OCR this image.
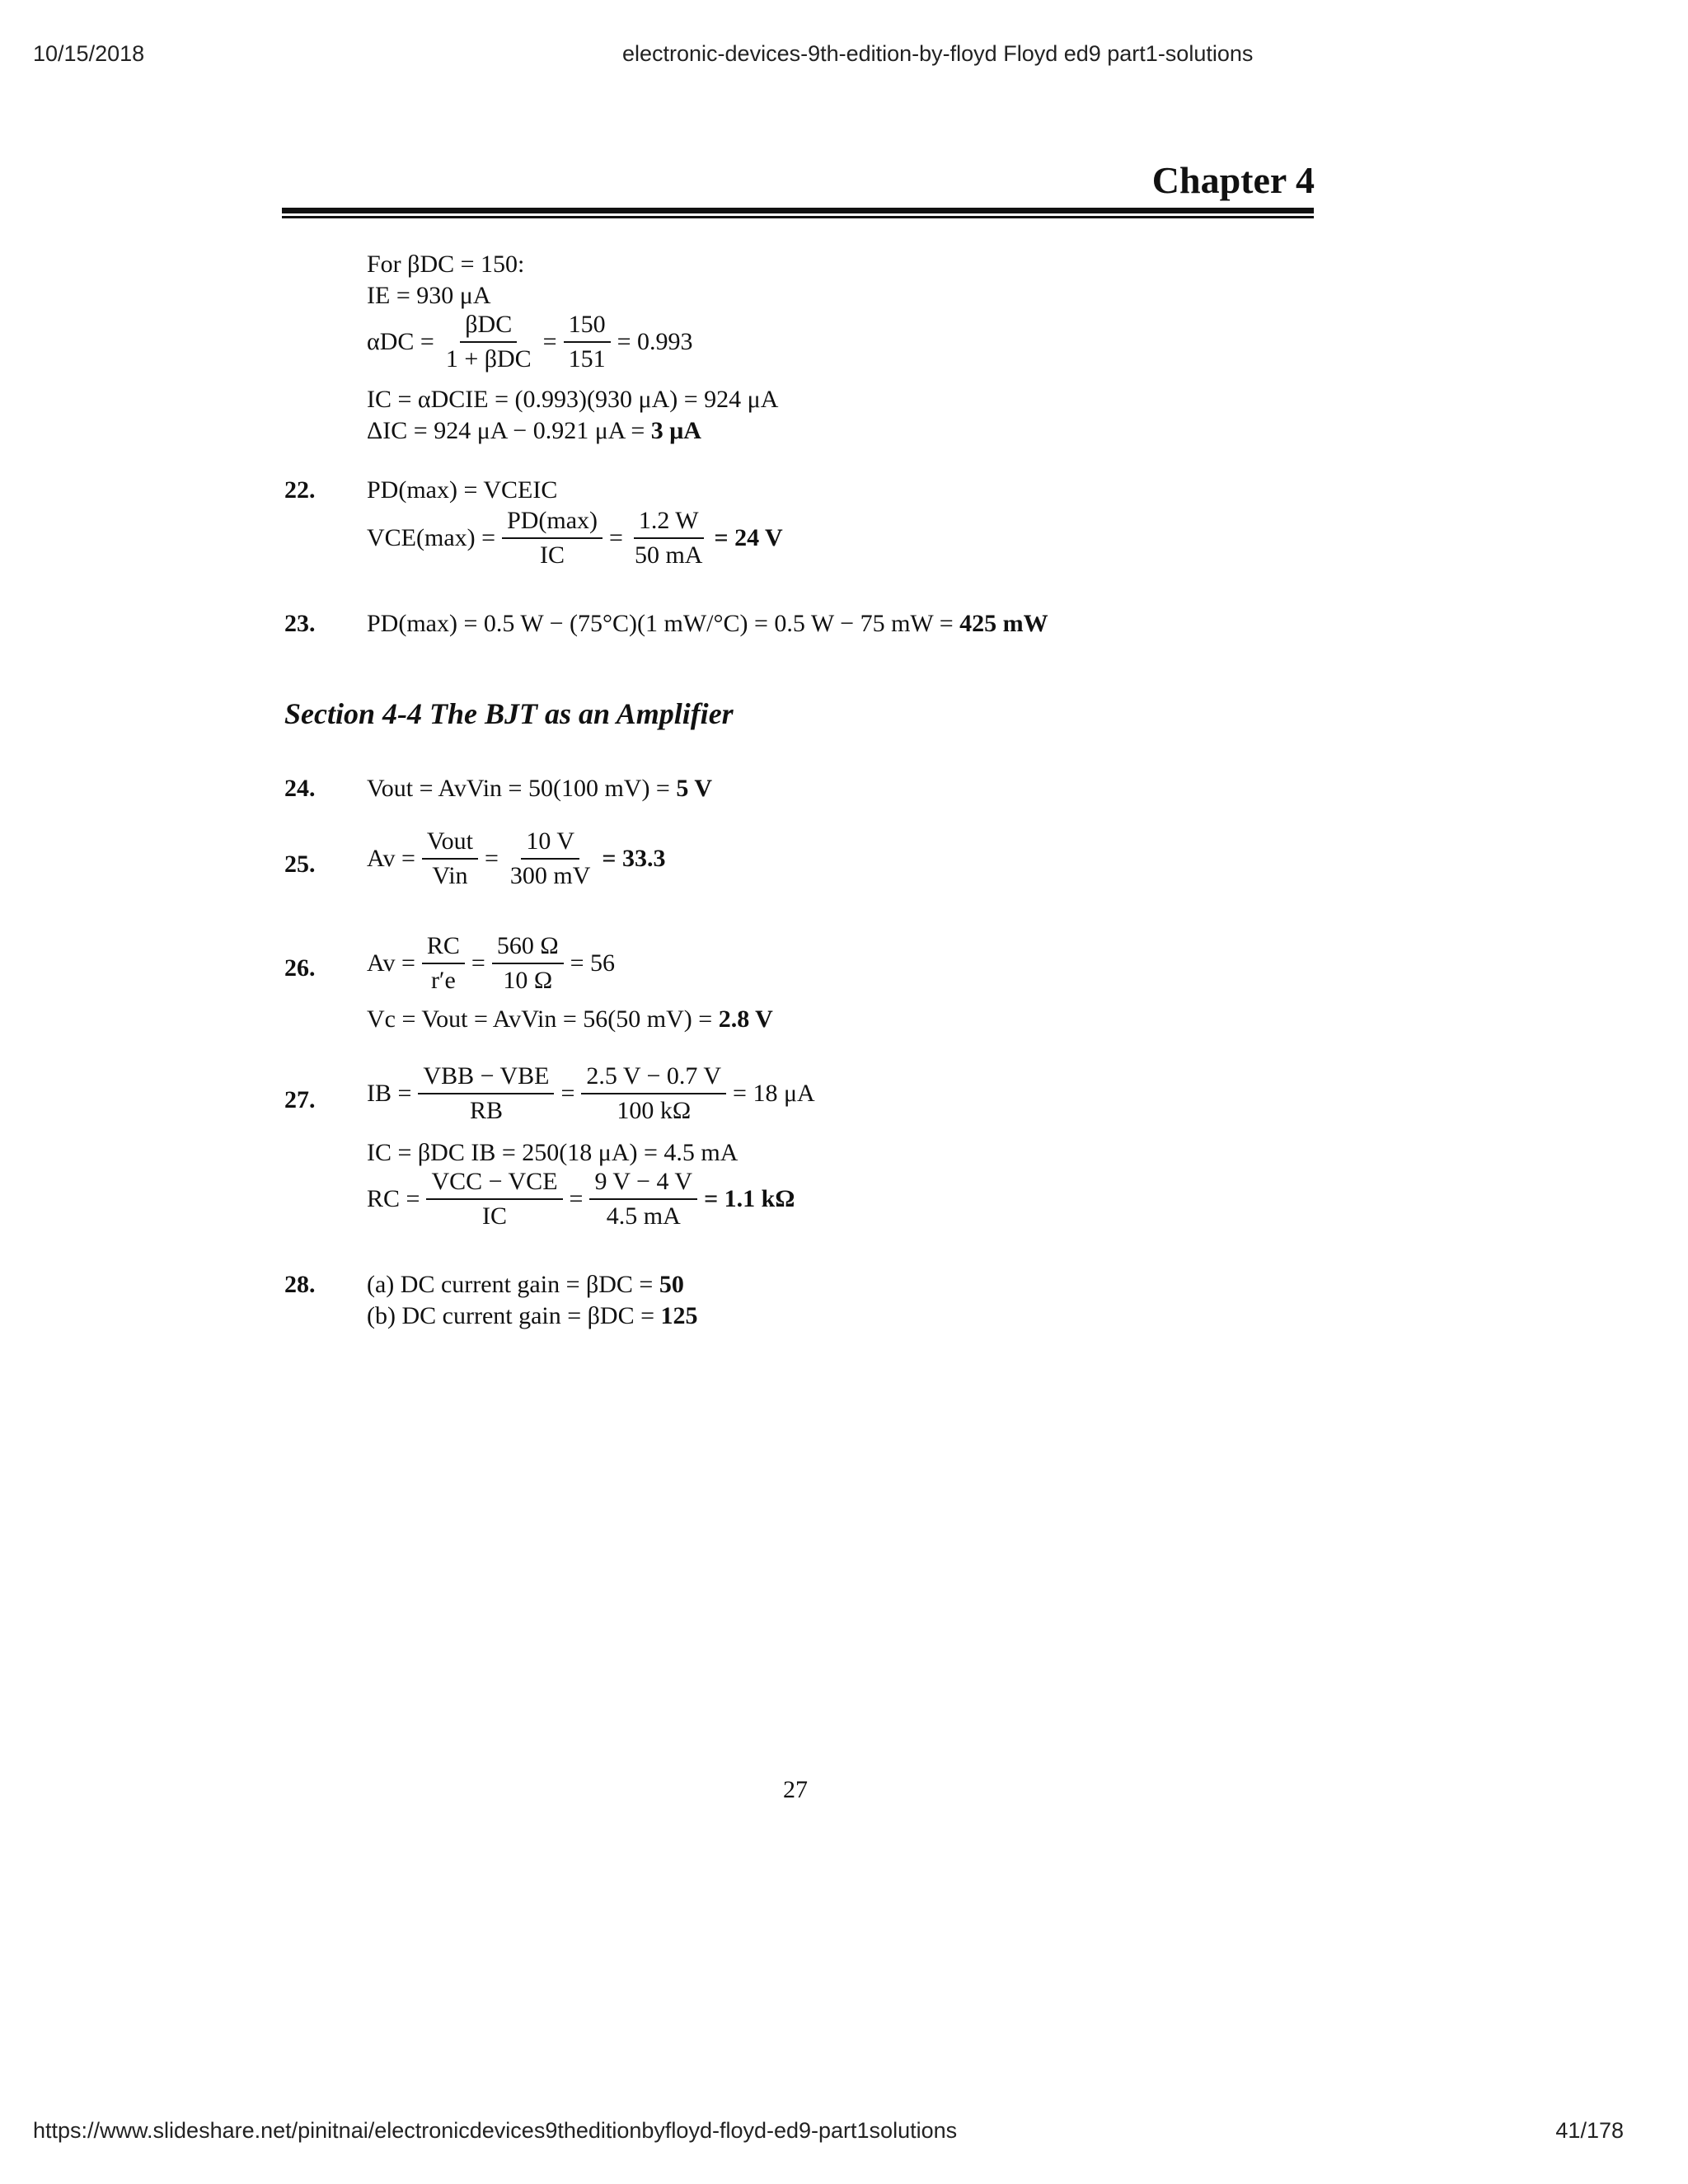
10/15/2018	electronic-devices-9th-edition-by-floyd Floyd ed9 part1-solutions
Chapter 4
For βDC = 150:
IE = 930 μA
$\alpha DC = \frac{\text{βDC}}{\text{1 + βDC}} = \frac{150}{151} = 0.993$
IC = αDCIE = (0.993)(930 μA) = 924 μA
ΔIC = 924 μA − 0.921 μA = 3 μA
22. PD(max) = VCEIC
$VCE(\max) = \frac{PD(\max)}{IC} = \frac{1.2 W}{50 mA} = 24$ V
23. PD(max) = 0.5 W − (75°C)(1 mW/°C) = 0.5 W − 75 mW = 425 mW
Section 4-4 The BJT as an Amplifier
24. Vout = AvVin = 50(100 mV) = 5 V
25. $Av = \frac{\text{Vout}}{\text{Vin}} = \frac{10 V}{300 mV} = 33.3$
26. $Av = \frac{RC}{r'e} = \frac{560 \Omega}{10 \Omega} = 56$
Vc = Vout = AvVin = 56(50 mV) = 2.8 V
27. IB = $\frac{\text{VBB − VBE}}{RB} = \frac{2.5 V - 0.7 V}{100 k\Omega} = 18$ μA
IC = βDC IB = 250(18 μA) = 4.5 mA
RC = $\frac{\text{VCC − VCE}}{IC} = \frac{9 V - 4 V}{4.5 mA} = 1.1$ kΩ
28. (a) DC current gain = βDC = 50
(b) DC current gain = βDC = 125
27
https://www.slideshare.net/pinitnai/electronicdevices9theditionbyfloyd-floyd-ed9-part1solutions	41/178
